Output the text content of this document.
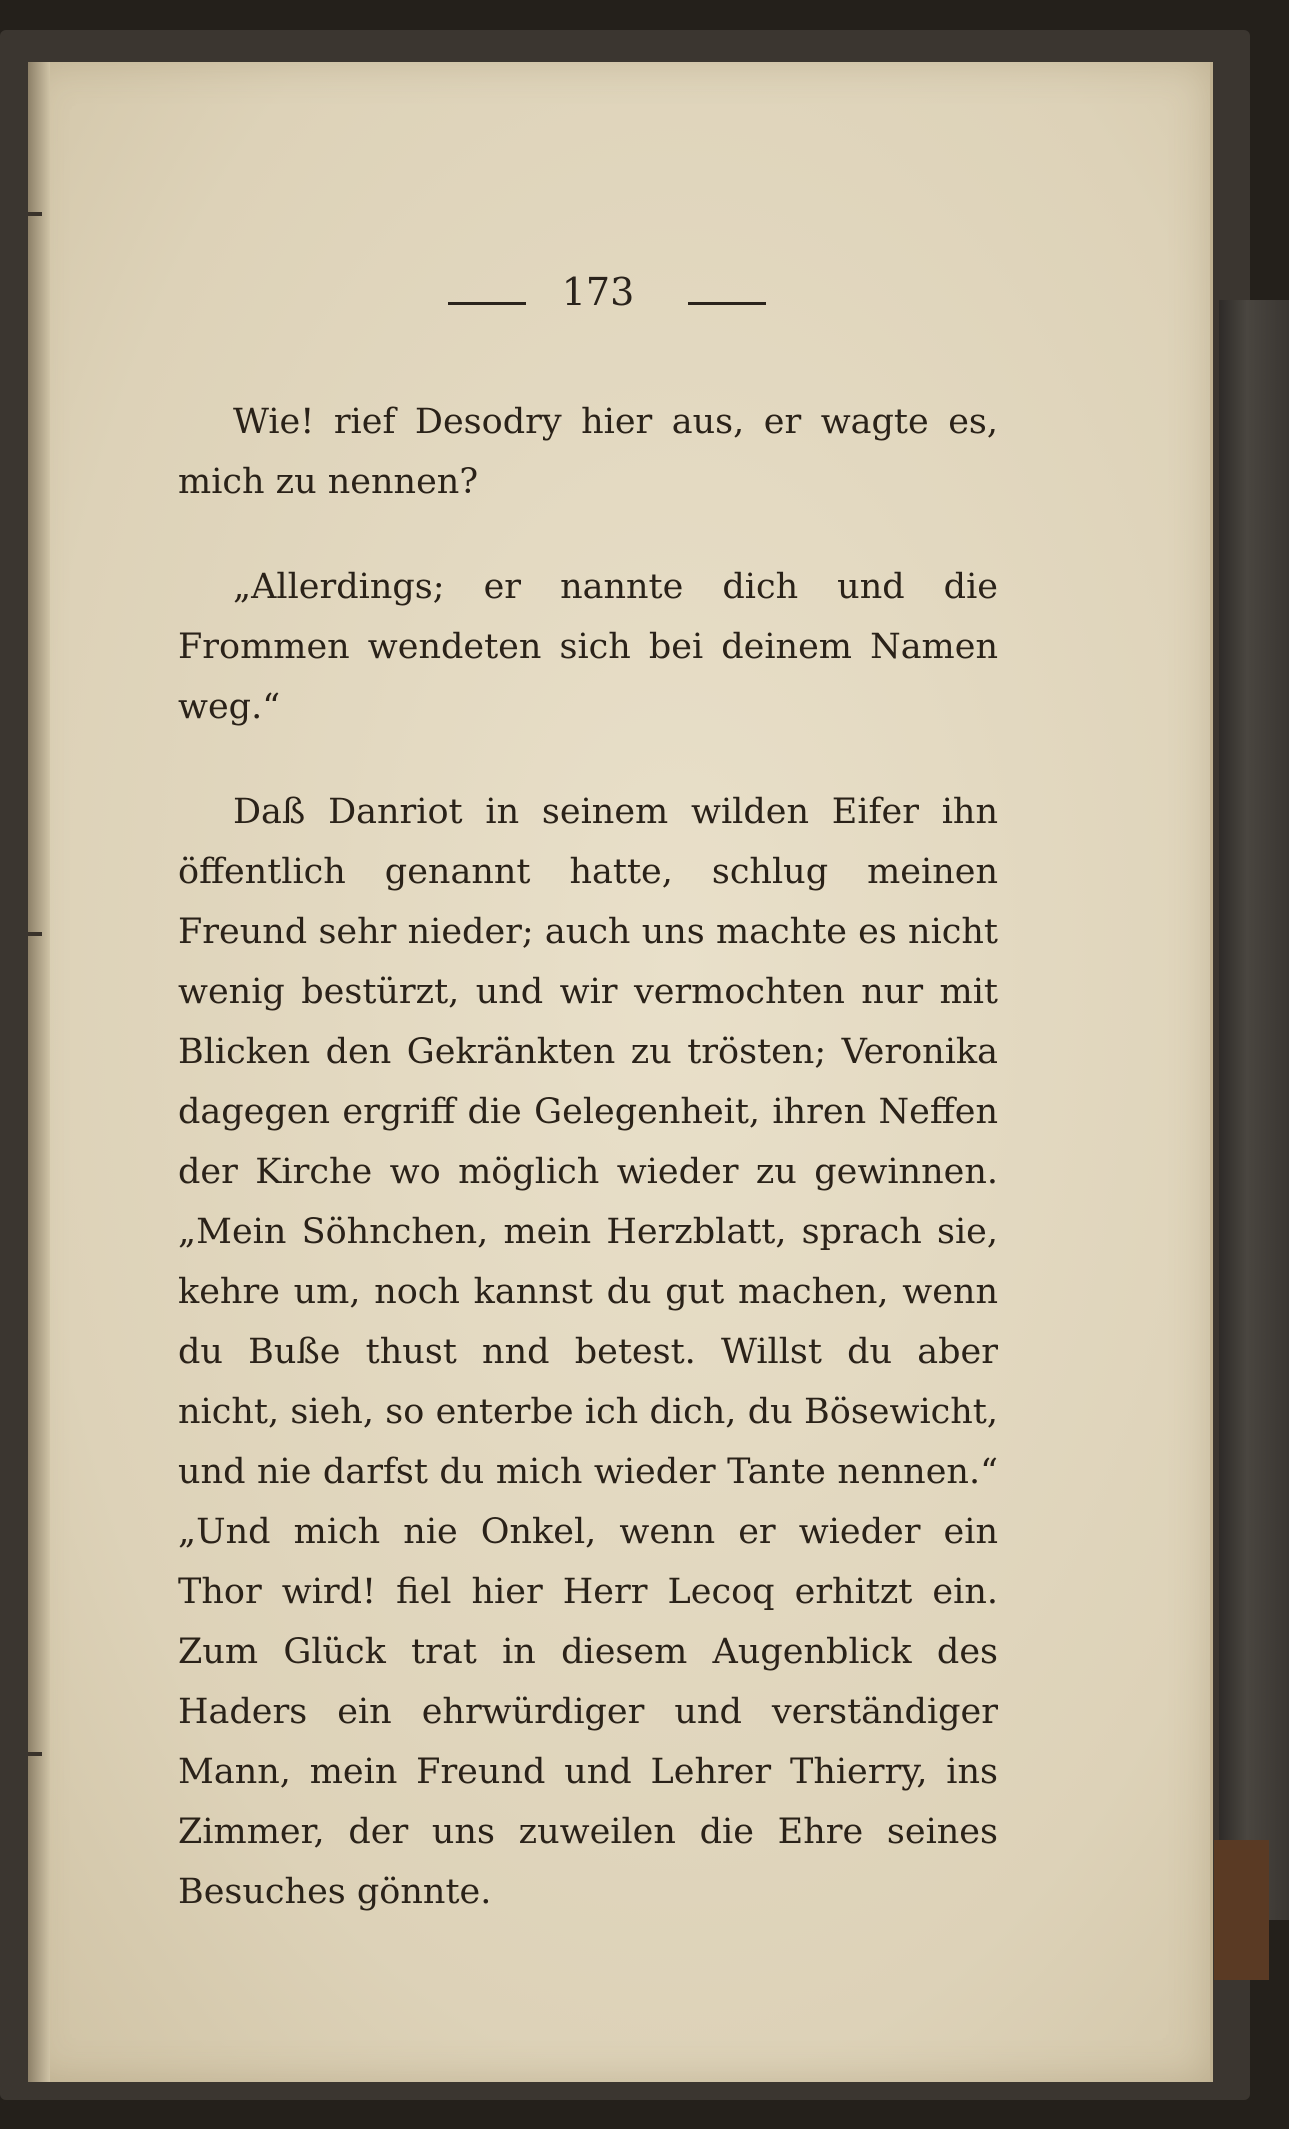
173

Wie! rief Desodry hier aus, er wagte es, mich zu nennen?

„Allerdings; er nannte dich und die Frommen wendeten sich bei deinem Namen weg.“

Daß Danriot in seinem wilden Eifer ihn öffentlich genannt hatte, schlug meinen Freund sehr nieder; auch uns machte es nicht wenig bestürzt, und wir vermochten nur mit Blicken den Gekränkten zu trösten; Veronika dagegen ergriff die Gelegenheit, ihren Neffen der Kirche wo möglich wieder zu gewinnen. „Mein Söhnchen, mein Herzblatt, sprach sie, kehre um, noch kannst du gut machen, wenn du Buße thust nnd betest. Willst du aber nicht, sieh, so enterbe ich dich, du Bösewicht, und nie darfst du mich wieder Tante nennen.“ „Und mich nie Onkel, wenn er wieder ein Thor wird! fiel hier Herr Lecoq erhitzt ein. Zum Glück trat in diesem Augenblick des Haders ein ehrwürdiger und verständiger Mann, mein Freund und Lehrer Thierry, ins Zimmer, der uns zuweilen die Ehre seines Besuches gönnte.
